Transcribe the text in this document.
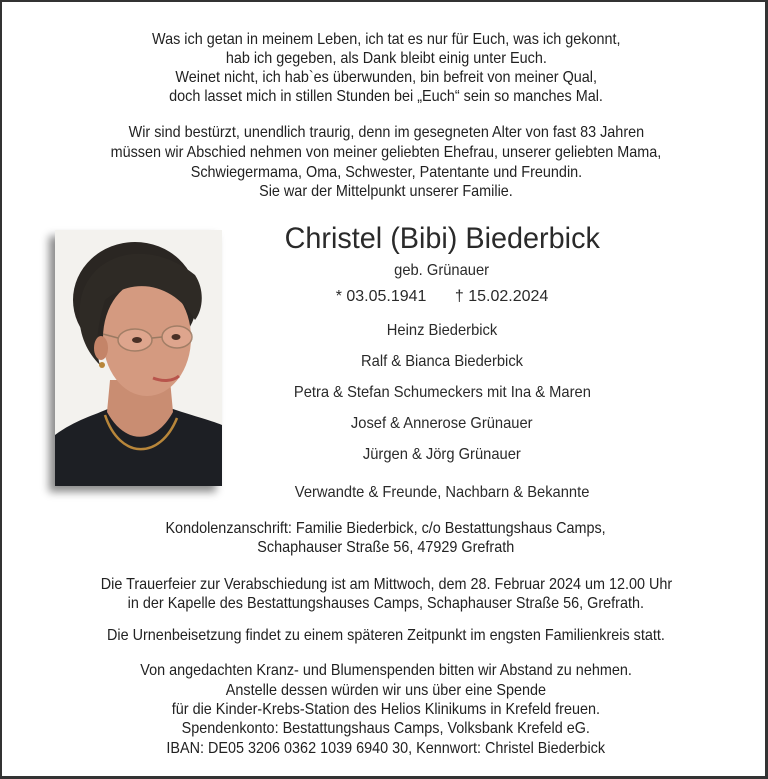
Was ich getan in meinem Leben, ich tat es nur für Euch, was ich gekonnt,
hab ich gegeben, als Dank bleibt einig unter Euch.
Weinet nicht, ich hab`es überwunden, bin befreit von meiner Qual,
doch lasset mich in stillen Stunden bei „Euch“ sein so manches Mal.
Wir sind bestürzt, unendlich traurig, denn im gesegneten Alter von fast 83 Jahren
müssen wir Abschied nehmen von meiner geliebten Ehefrau, unserer geliebten Mama,
Schwiegermama, Oma, Schwester, Patentante und Freundin.
Sie war der Mittelpunkt unserer Familie.
Christel (Bibi) Biederbick
geb. Grünauer
* 03.05.1941 † 15.02.2024
Heinz Biederbick
Ralf & Bianca Biederbick
Petra & Stefan Schumeckers mit Ina & Maren
Josef & Annerose Grünauer
Jürgen & Jörg Grünauer
Verwandte & Freunde, Nachbarn & Bekannte
Kondolenzanschrift: Familie Biederbick, c/o Bestattungshaus Camps,
Schaphauser Straße 56, 47929 Grefrath
Die Trauerfeier zur Verabschiedung ist am Mittwoch, dem 28. Februar 2024 um 12.00 Uhr
in der Kapelle des Bestattungshauses Camps, Schaphauser Straße 56, Grefrath.
Die Urnenbeisetzung findet zu einem späteren Zeitpunkt im engsten Familienkreis statt.
Von angedachten Kranz- und Blumenspenden bitten wir Abstand zu nehmen.
Anstelle dessen würden wir uns über eine Spende
für die Kinder-Krebs-Station des Helios Klinikums in Krefeld freuen.
Spendenkonto: Bestattungshaus Camps, Volksbank Krefeld eG.
IBAN: DE05 3206 0362 1039 6940 30, Kennwort: Christel Biederbick
